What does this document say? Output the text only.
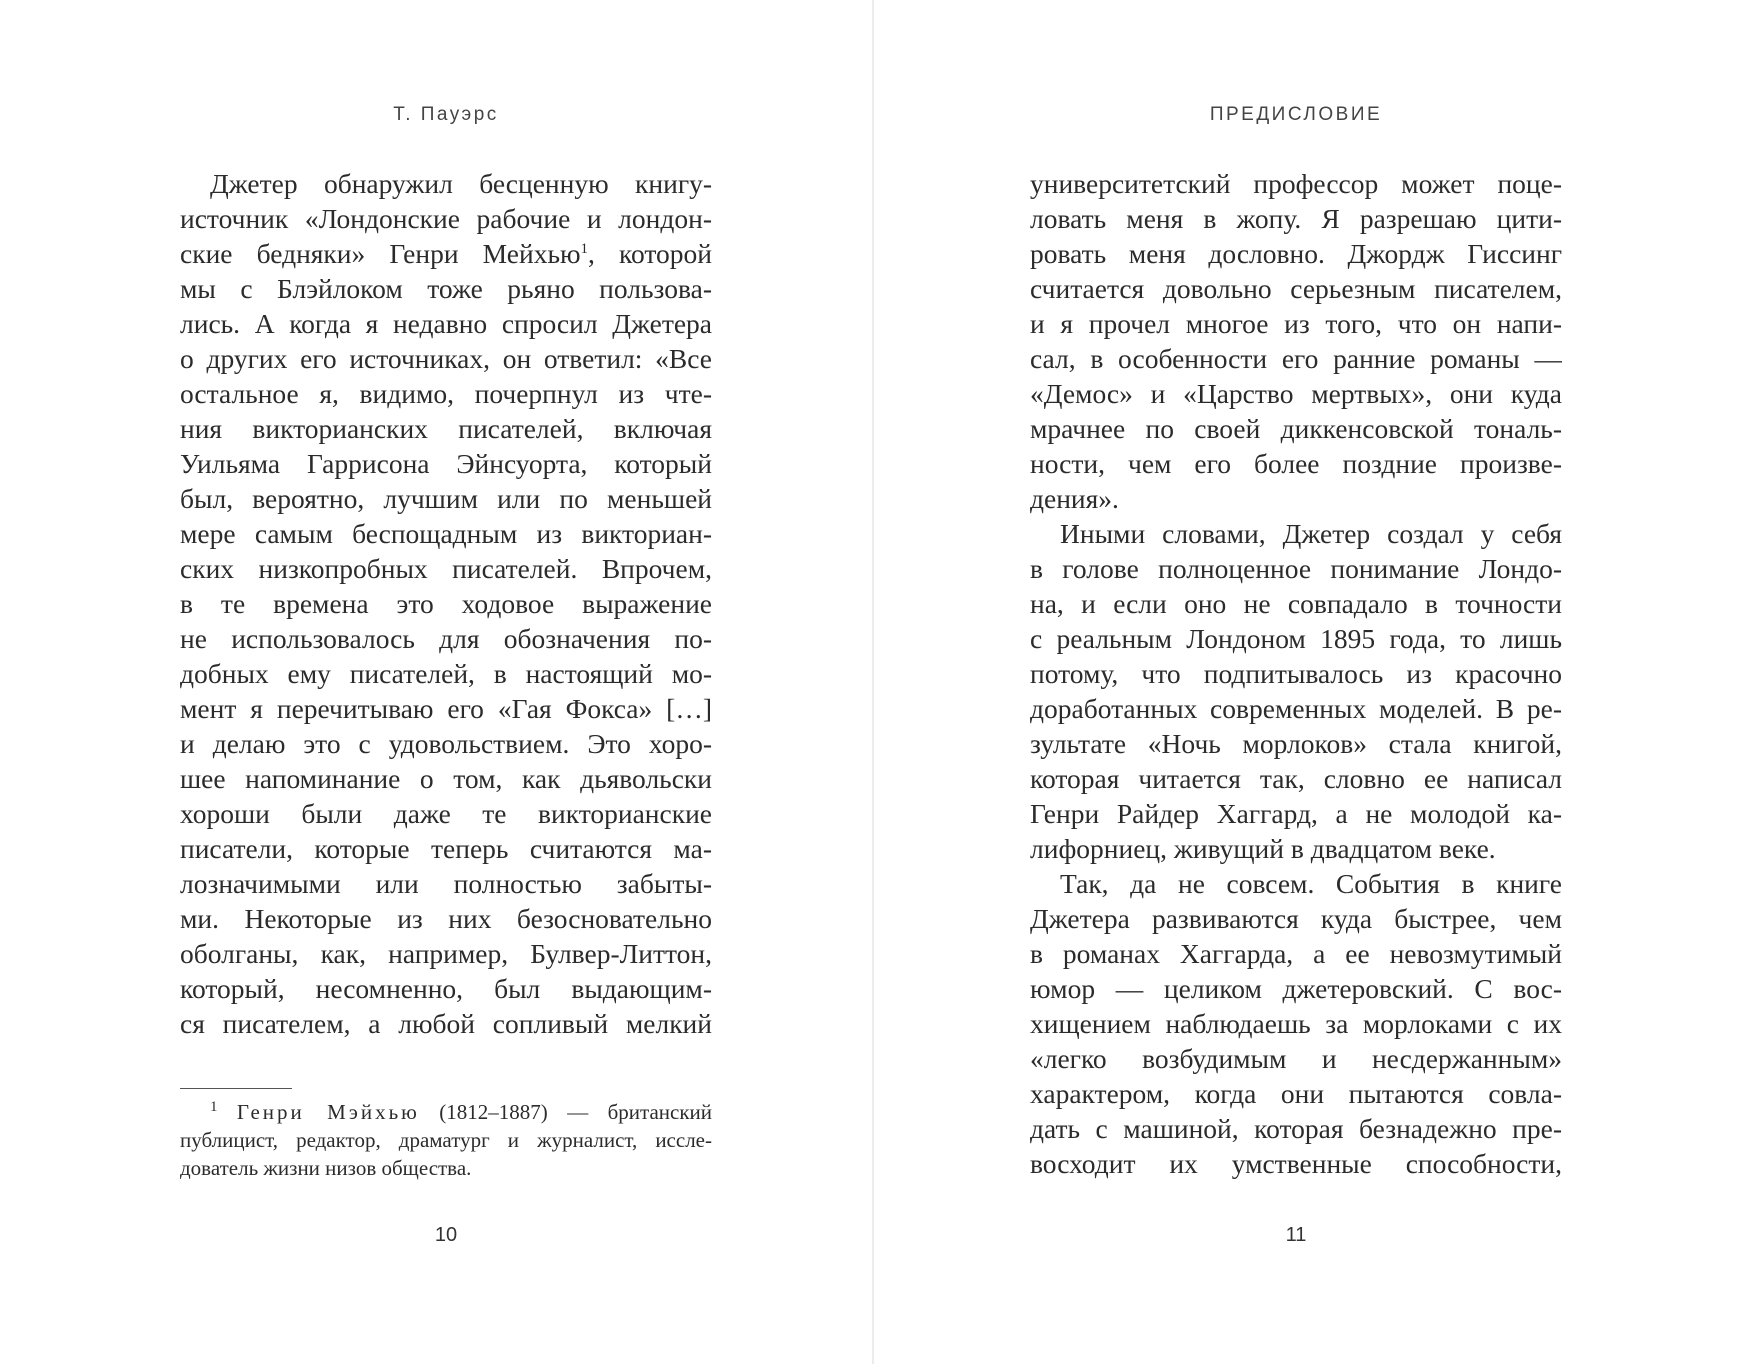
Т. Пауэрс
Джетер обнаружил бесценную книгу-
источник «Лондонские рабочие и лондон-
ские бедняки» Генри Мейхью$^1$, которой
мы с Блэйлоком тоже рьяно пользова-
лись. А когда я недавно спросил Джетера
о других его источниках, он ответил: «Все
остальное я, видимо, почерпнул из чте-
ния викторианских писателей, включая
Уильяма Гаррисона Эйнсуорта, который
был, вероятно, лучшим или по меньшей
мере самым беспощадным из викториан-
ских низкопробных писателей. Впрочем,
в те времена это ходовое выражение
не использовалось для обозначения по-
добных ему писателей, в настоящий мо-
мент я перечитываю его «Гая Фокса» […]
и делаю это с удовольствием. Это хоро-
шее напоминание о том, как дьявольски
хороши были даже те викторианские
писатели, которые теперь считаются ма-
лозначимыми или полностью забыты-
ми. Некоторые из них безосновательно
оболганы, как, например, Булвер-Литтон,
который, несомненно, был выдающим-
ся писателем, а любой сопливый мелкий
$^1$ Генри Мэйхью (1812–1887) — британский
публицист, редактор, драматург и журналист, иссле-
дователь жизни низов общества.
10
ПРЕДИСЛОВИЕ
университетский профессор может поце-
ловать меня в жопу. Я разрешаю цити-
ровать меня дословно. Джордж Гиссинг
считается довольно серьезным писателем,
и я прочел многое из того, что он напи-
сал, в особенности его ранние романы —
«Демос» и «Царство мертвых», они куда
мрачнее по своей диккенсовской тональ-
ности, чем его более поздние произве-
дения».
Иными словами, Джетер создал у себя
в голове полноценное понимание Лондо-
на, и если оно не совпадало в точности
с реальным Лондоном 1895 года, то лишь
потому, что подпитывалось из красочно
доработанных современных моделей. В ре-
зультате «Ночь морлоков» стала книгой,
которая читается так, словно ее написал
Генри Райдер Хаггард, а не молодой ка-
лифорниец, живущий в двадцатом веке.
Так, да не совсем. События в книге
Джетера развиваются куда быстрее, чем
в романах Хаггарда, а ее невозмутимый
юмор — целиком джетеровский. С вос-
хищением наблюдаешь за морлоками с их
«легко возбудимым и несдержанным»
характером, когда они пытаются совла-
дать с машиной, которая безнадежно пре-
восходит их умственные способности,
11
